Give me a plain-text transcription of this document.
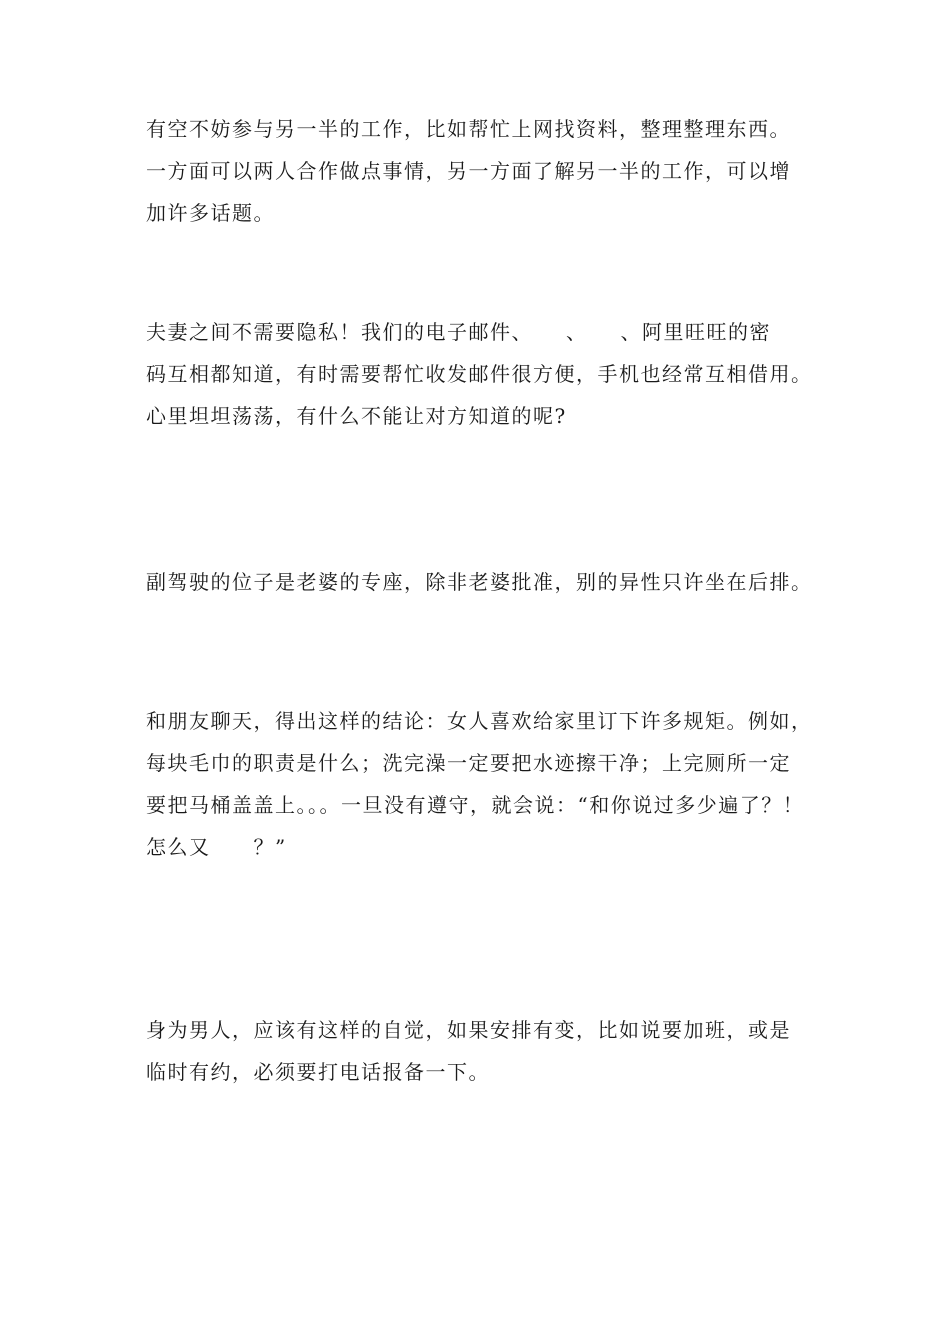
有空不妨参与另一半的工作，比如帮忙上网找资料，整理整理东西。
一方面可以两人合作做点事情，另一方面了解另一半的工作，可以增
加许多话题。

夫妻之间不需要隐私！我们的电子邮件、　　、　　、阿里旺旺的密
码互相都知道，有时需要帮忙收发邮件很方便，手机也经常互相借用。
心里坦坦荡荡，有什么不能让对方知道的呢?

副驾驶的位子是老婆的专座，除非老婆批准，别的异性只许坐在后排。

和朋友聊天，得出这样的结论：女人喜欢给家里订下许多规矩。例如，
每块毛巾的职责是什么；洗完澡一定要把水迹擦干净；上完厕所一定
要把马桶盖盖上。。。一旦没有遵守，就会说：“和你说过多少遍了？！
怎么又　　？”

身为男人，应该有这样的自觉，如果安排有变，比如说要加班，或是
临时有约，必须要打电话报备一下。
